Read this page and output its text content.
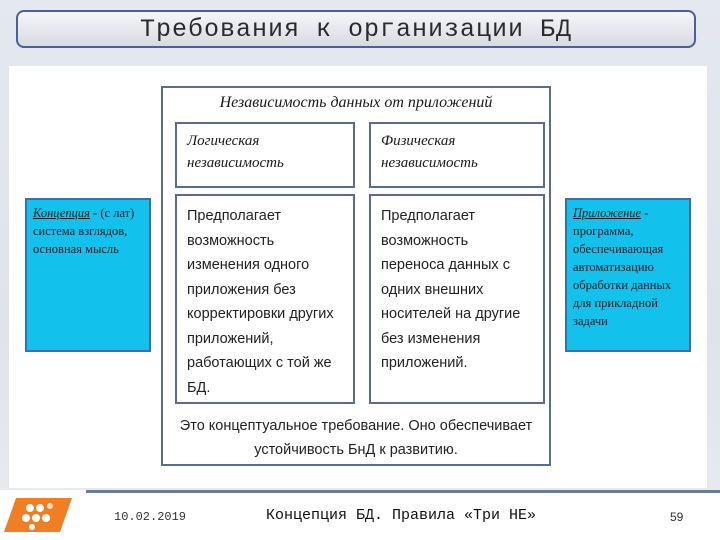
Требования к организации БД
Концепция - (с лат)
система взглядов,
основная мысль
Независимость данных от приложений
Логическая
независимость
Физическая
независимость
Предполагает
возможность
изменения одного
приложения без
корректировки других
приложений,
работающих с той же
БД.
Предполагает
возможность
переноса данных с
одних внешних
носителей на другие
без изменения
приложений.
Это концептуальное требование. Оно обеспечивает
устойчивость БнД к развитию.
Приложение -
программа,
обеспечивающая
автоматизацию
обработки данных
для прикладной
задачи
10.02.2019	Концепция БД. Правила «Три НЕ»	59
